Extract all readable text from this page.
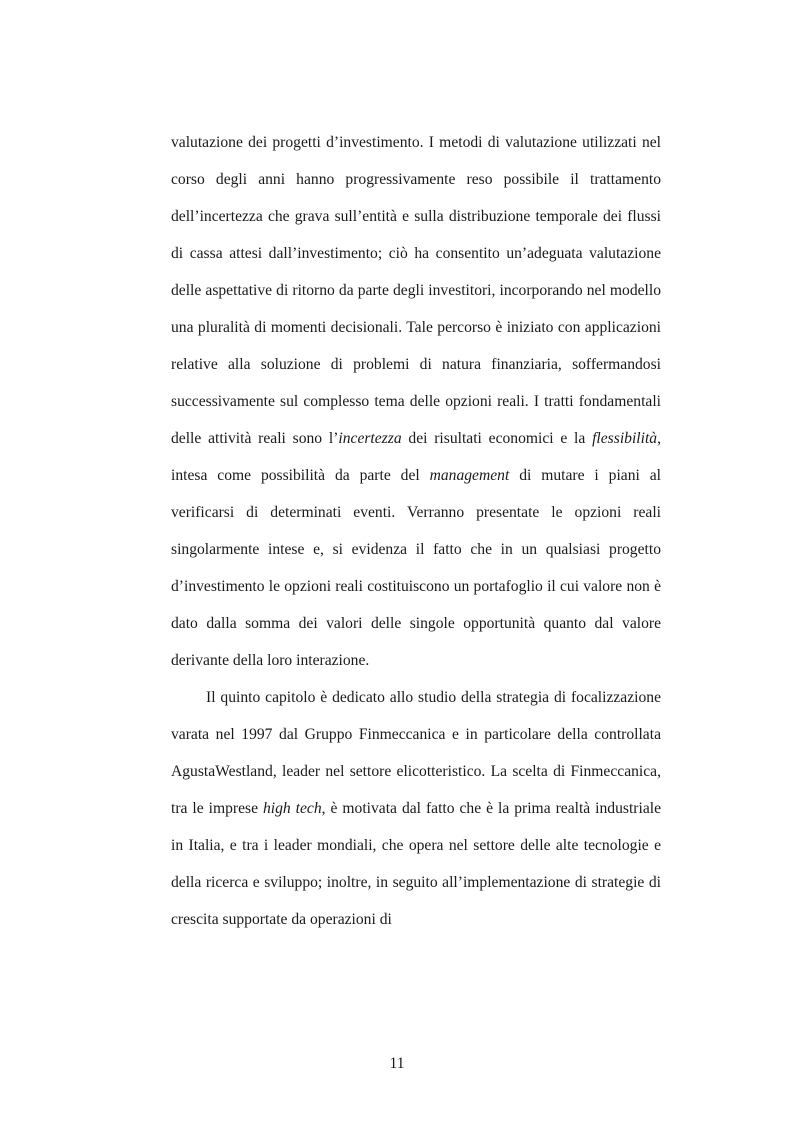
valutazione dei progetti d’investimento. I metodi di valutazione utilizzati nel corso degli anni hanno progressivamente reso possibile il trattamento dell’incertezza che grava sull’entità e sulla distribuzione temporale dei flussi di cassa attesi dall’investimento; ciò ha consentito un’adeguata valutazione delle aspettative di ritorno da parte degli investitori, incorporando nel modello una pluralità di momenti decisionali. Tale percorso è iniziato con applicazioni relative alla soluzione di problemi di natura finanziaria, soffermandosi successivamente sul complesso tema delle opzioni reali. I tratti fondamentali delle attività reali sono l’incertezza dei risultati economici e la flessibilità, intesa come possibilità da parte del management di mutare i piani al verificarsi di determinati eventi. Verranno presentate le opzioni reali singolarmente intese e, si evidenza il fatto che in un qualsiasi progetto d’investimento le opzioni reali costituiscono un portafoglio il cui valore non è dato dalla somma dei valori delle singole opportunità quanto dal valore derivante della loro interazione.

Il quinto capitolo è dedicato allo studio della strategia di focalizzazione varata nel 1997 dal Gruppo Finmeccanica e in particolare della controllata AgustaWestland, leader nel settore elicotteristico. La scelta di Finmeccanica, tra le imprese high tech, è motivata dal fatto che è la prima realtà industriale in Italia, e tra i leader mondiali, che opera nel settore delle alte tecnologie e della ricerca e sviluppo; inoltre, in seguito all’implementazione di strategie di crescita supportate da operazioni di

11
